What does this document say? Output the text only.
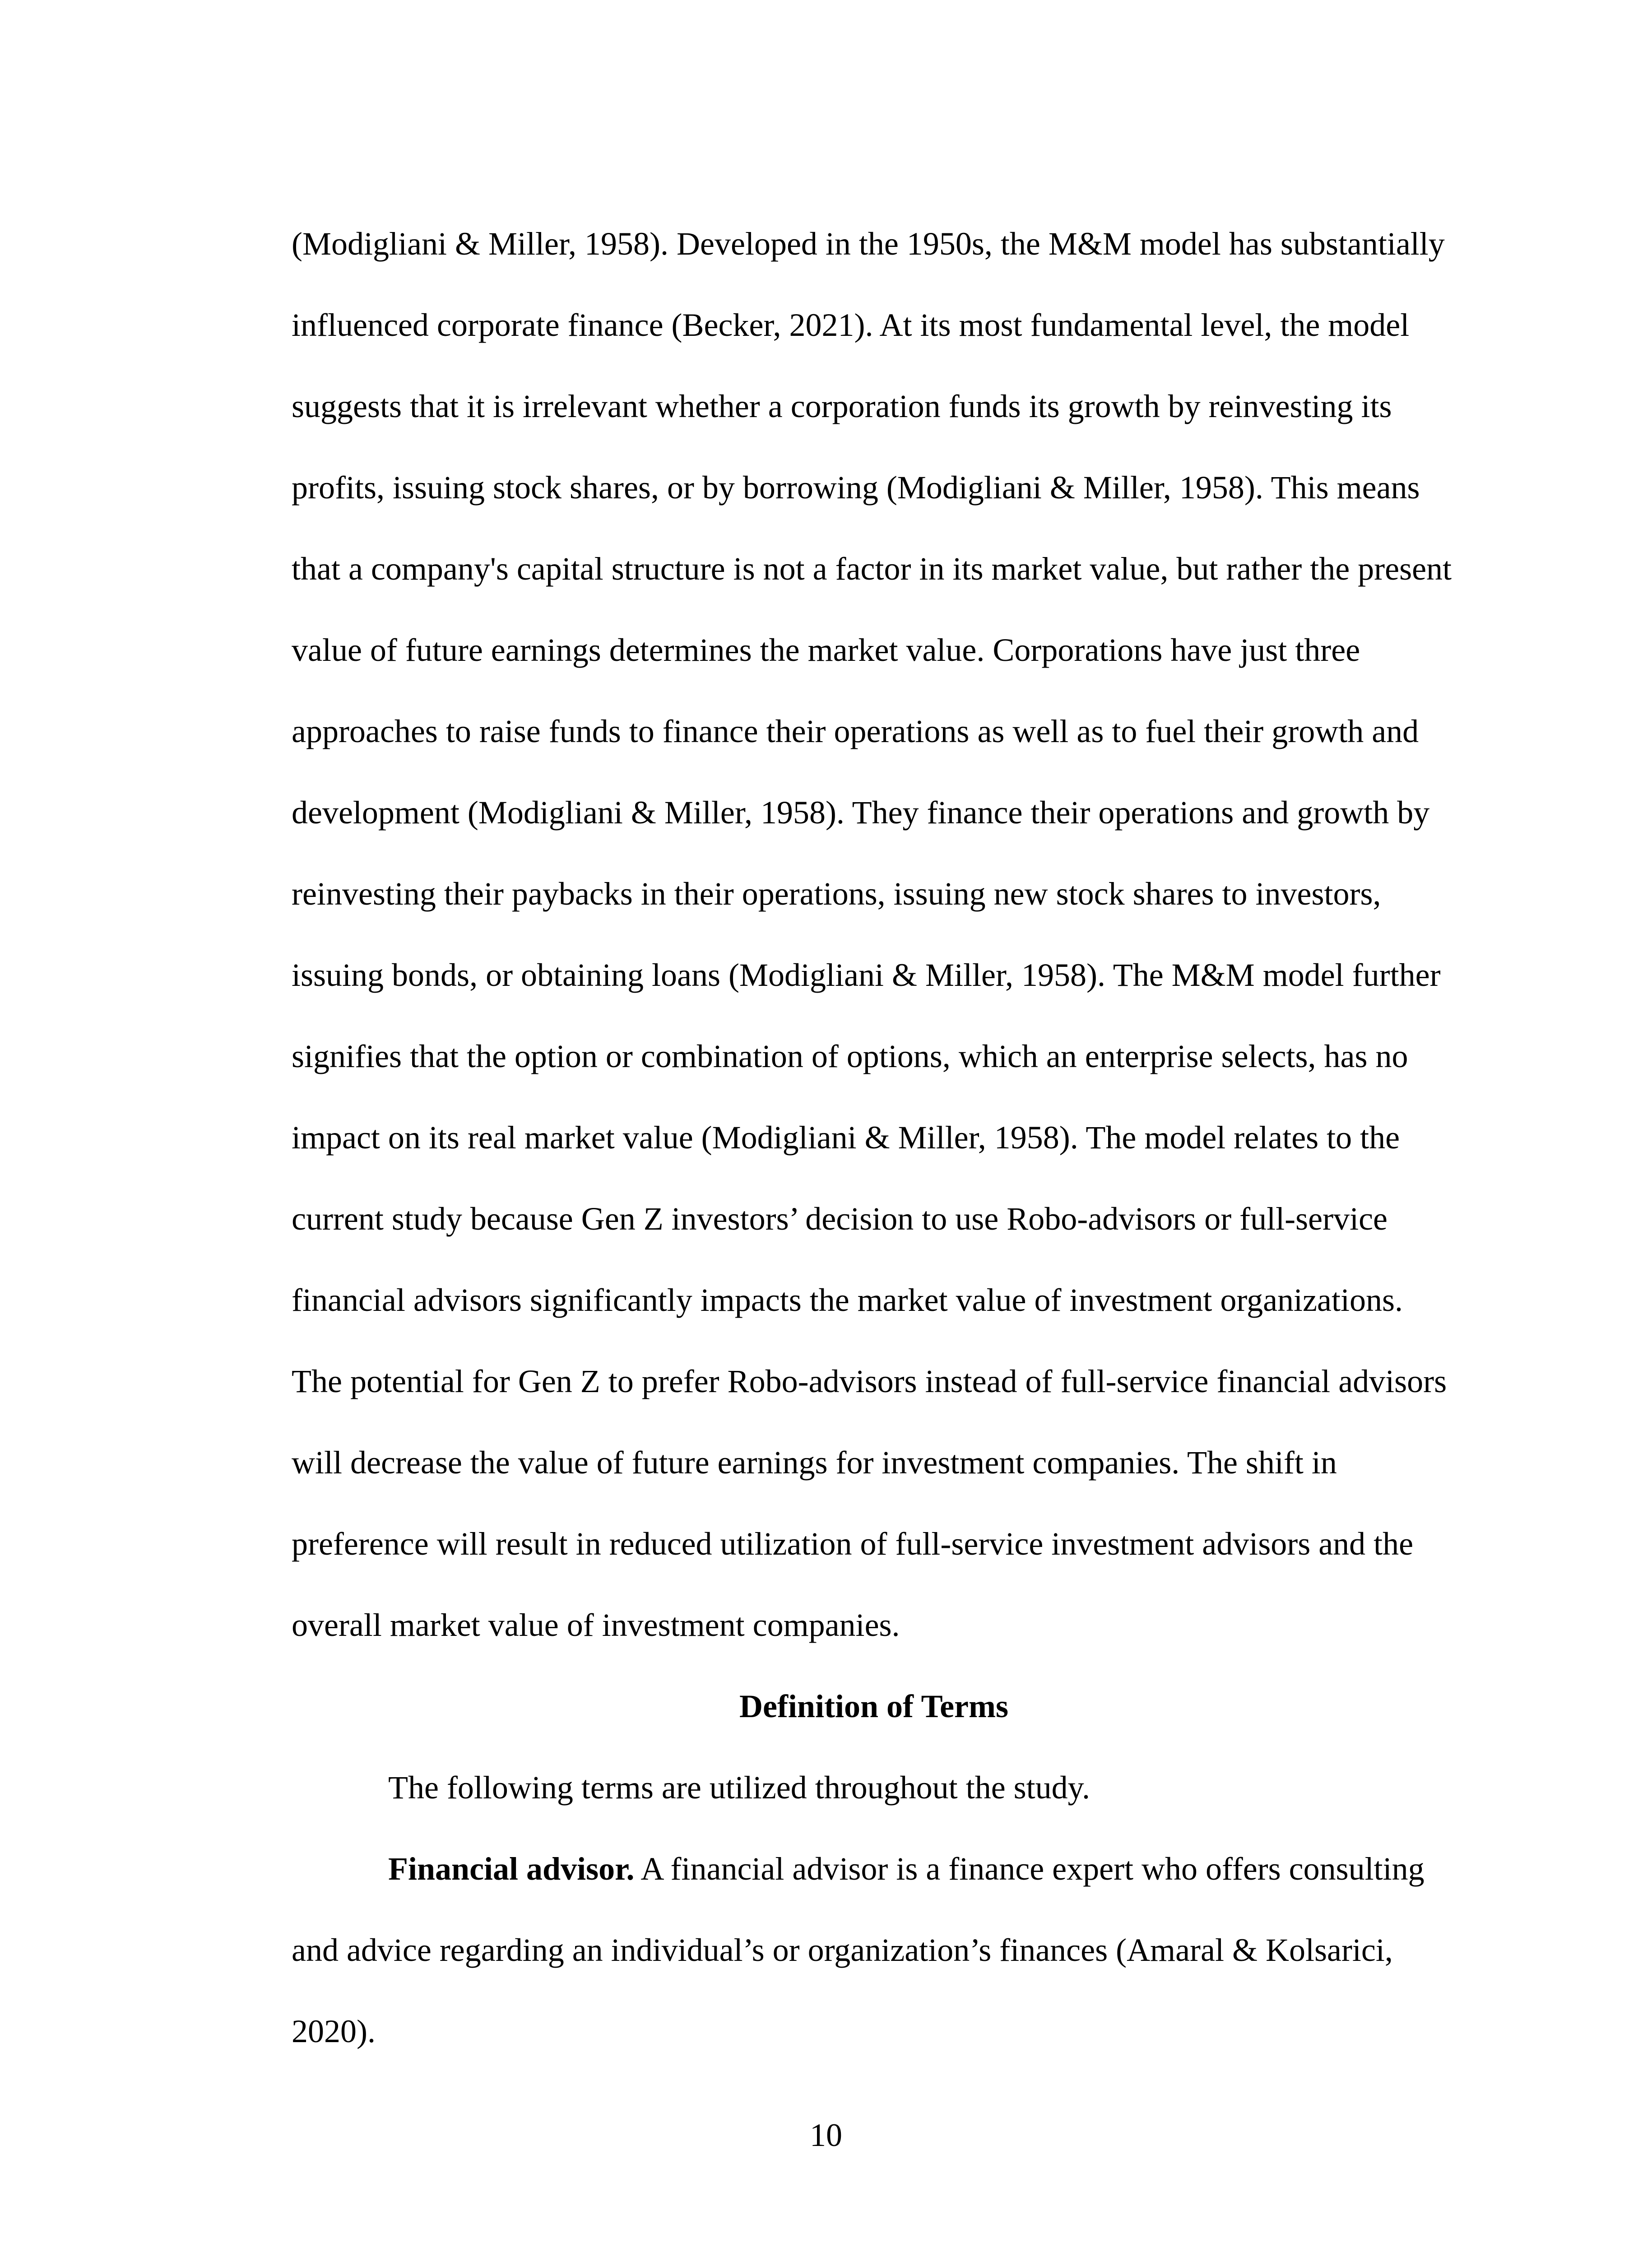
(Modigliani & Miller, 1958). Developed in the 1950s, the M&M model has substantially
influenced corporate finance (Becker, 2021). At its most fundamental level, the model
suggests that it is irrelevant whether a corporation funds its growth by reinvesting its
profits, issuing stock shares, or by borrowing (Modigliani & Miller, 1958). This means
that a company's capital structure is not a factor in its market value, but rather the present
value of future earnings determines the market value. Corporations have just three
approaches to raise funds to finance their operations as well as to fuel their growth and
development (Modigliani & Miller, 1958). They finance their operations and growth by
reinvesting their paybacks in their operations, issuing new stock shares to investors,
issuing bonds, or obtaining loans (Modigliani & Miller, 1958). The M&M model further
signifies that the option or combination of options, which an enterprise selects, has no
impact on its real market value (Modigliani & Miller, 1958). The model relates to the
current study because Gen Z investors’ decision to use Robo-advisors or full-service
financial advisors significantly impacts the market value of investment organizations.
The potential for Gen Z to prefer Robo-advisors instead of full-service financial advisors
will decrease the value of future earnings for investment companies. The shift in
preference will result in reduced utilization of full-service investment advisors and the
overall market value of investment companies.
Definition of Terms
The following terms are utilized throughout the study.
Financial advisor. A financial advisor is a finance expert who offers consulting
and advice regarding an individual’s or organization’s finances (Amaral & Kolsarici,
2020).
10
